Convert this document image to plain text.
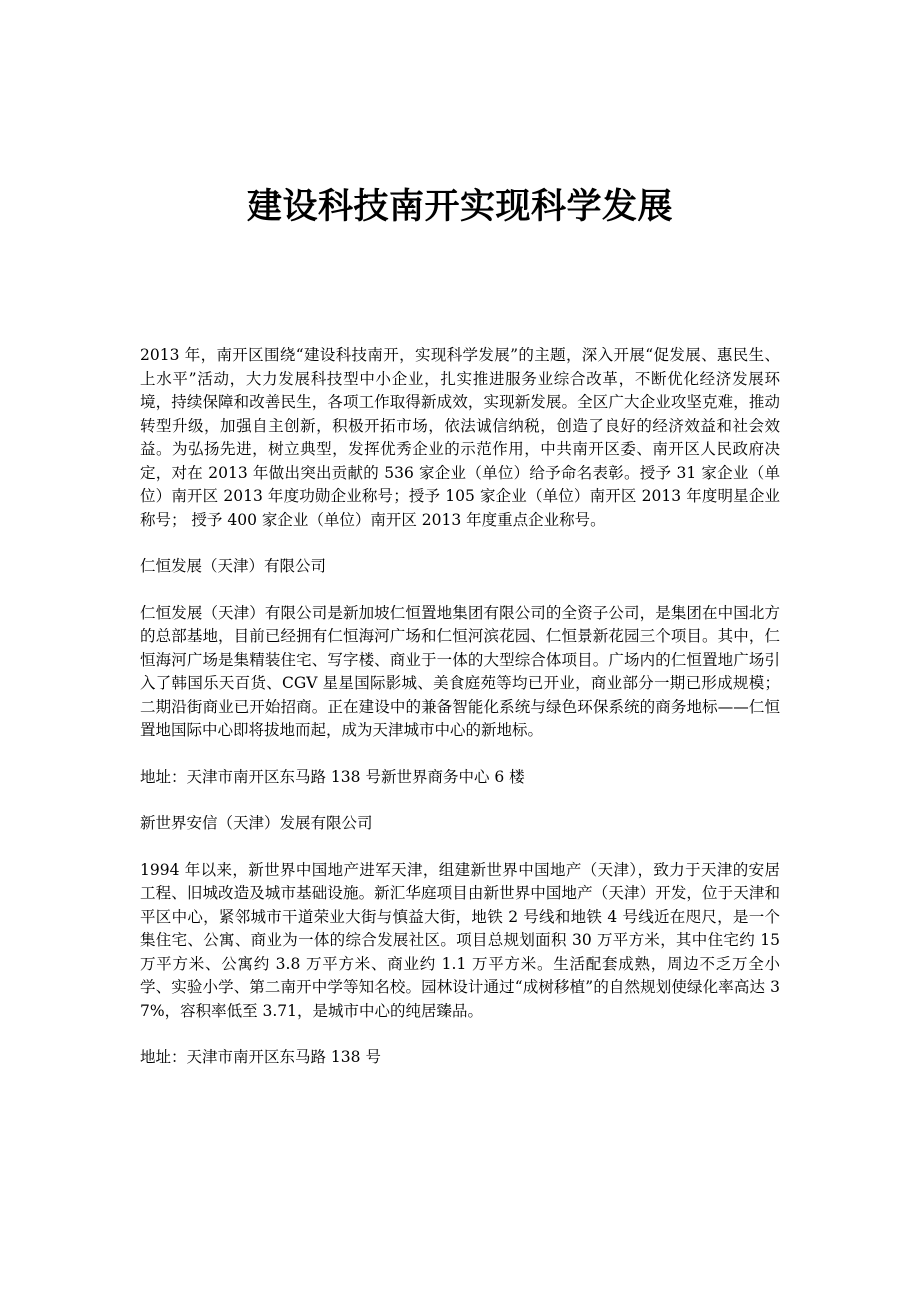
建设科技南开实现科学发展

2013 年，南开区围绕“建设科技南开，实现科学发展”的主题，深入开展“促发展、惠民生、上水平”活动，大力发展科技型中小企业，扎实推进服务业综合改革，不断优化经济发展环境，持续保障和改善民生，各项工作取得新成效，实现新发展。全区广大企业攻坚克难，推动转型升级，加强自主创新，积极开拓市场，依法诚信纳税，创造了良好的经济效益和社会效益。为弘扬先进，树立典型，发挥优秀企业的示范作用，中共南开区委、南开区人民政府决定，对在 2013 年做出突出贡献的 536 家企业（单位）给予命名表彰。授予 31 家企业（单位）南开区 2013 年度功勋企业称号；授予 105 家企业（单位）南开区 2013 年度明星企业称号； 授予 400 家企业（单位）南开区 2013 年度重点企业称号。

仁恒发展（天津）有限公司

仁恒发展（天津）有限公司是新加坡仁恒置地集团有限公司的全资子公司，是集团在中国北方的总部基地，目前已经拥有仁恒海河广场和仁恒河滨花园、仁恒景新花园三个项目。其中，仁恒海河广场是集精装住宅、写字楼、商业于一体的大型综合体项目。广场内的仁恒置地广场引入了韩国乐天百货、CGV 星星国际影城、美食庭苑等均已开业，商业部分一期已形成规模；二期沿街商业已开始招商。正在建设中的兼备智能化系统与绿色环保系统的商务地标——仁恒置地国际中心即将拔地而起，成为天津城市中心的新地标。

地址：天津市南开区东马路 138 号新世界商务中心 6 楼

新世界安信（天津）发展有限公司

1994 年以来，新世界中国地产进军天津，组建新世界中国地产（天津），致力于天津的安居工程、旧城改造及城市基础设施。新汇华庭项目由新世界中国地产（天津）开发，位于天津和平区中心，紧邻城市干道荣业大街与慎益大街，地铁 2 号线和地铁 4 号线近在咫尺，是一个集住宅、公寓、商业为一体的综合发展社区。项目总规划面积 30 万平方米，其中住宅约 15 万平方米、公寓约 3.8 万平方米、商业约 1.1 万平方米。生活配套成熟，周边不乏万全小学、实验小学、第二南开中学等知名校。园林设计通过“成树移植”的自然规划使绿化率高达 37%，容积率低至 3.71，是城市中心的纯居臻品。

地址：天津市南开区东马路 138 号
